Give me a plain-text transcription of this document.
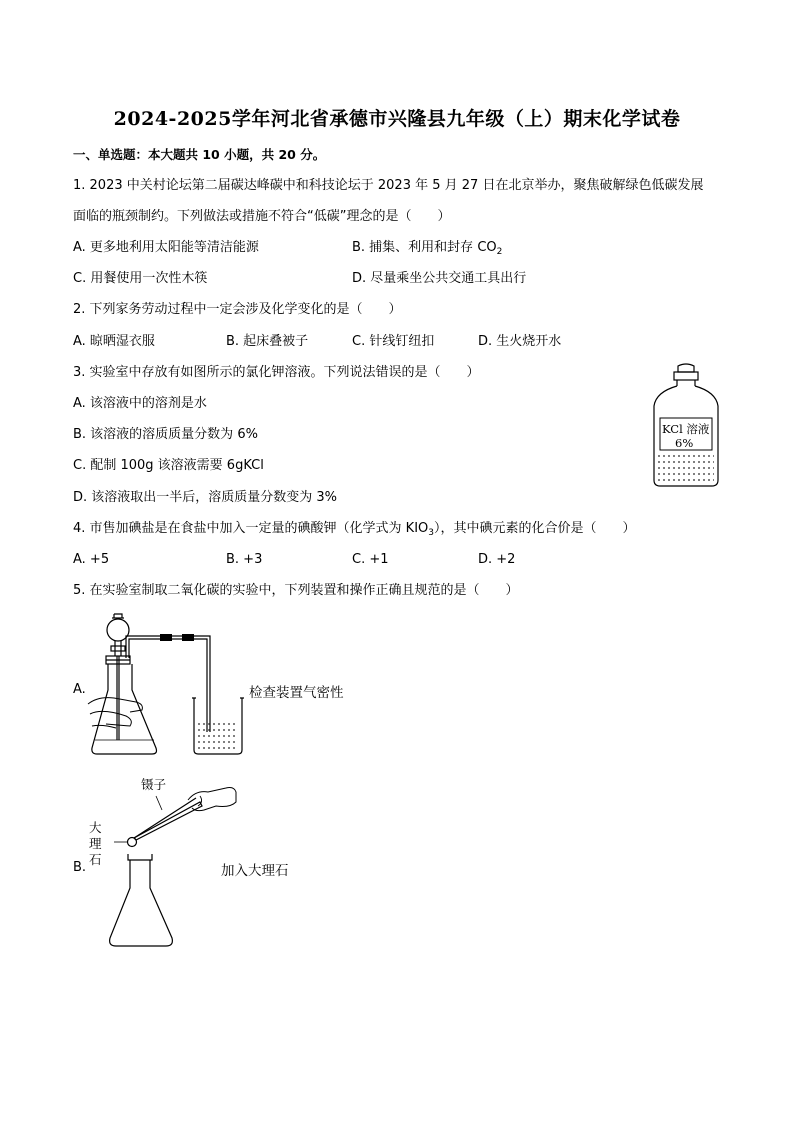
2024-2025学年河北省承德市兴隆县九年级（上）期末化学试卷
一、单选题：本大题共 10 小题，共 20 分。
1. 2023 中关村论坛第二届碳达峰碳中和科技论坛于 2023 年 5 月 27 日在北京举办，聚焦破解绿色低碳发展
面临的瓶颈制约。下列做法或措施不符合“低碳”理念的是（　　）
A. 更多地利用太阳能等清洁能源	B. 捕集、利用和封存 $CO_2$
C. 用餐使用一次性木筷	D. 尽量乘坐公共交通工具出行
2. 下列家务劳动过程中一定会涉及化学变化的是（　　）
A. 晾晒湿衣服	B. 起床叠被子	C. 针线钉纽扣	D. 生火烧开水
3. 实验室中存放有如图所示的氯化钾溶液。下列说法错误的是（　　）
A. 该溶液中的溶剂是水
B. 该溶液的溶质质量分数为 6%
C. 配制 100g 该溶液需要 6gKCl
D. 该溶液取出一半后，溶质质量分数变为 3%
KCl 溶液
6%
4. 市售加碘盐是在食盐中加入一定量的碘酸钾（化学式为 $KIO_3$），其中碘元素的化合价是（　　）
A. +5	B. +3	C. +1	D. +2
5. 在实验室制取二氧化碳的实验中，下列装置和操作正确且规范的是（　　）
A.	检查装置气密性
B.
镊子
大
理
石
加入大理石
